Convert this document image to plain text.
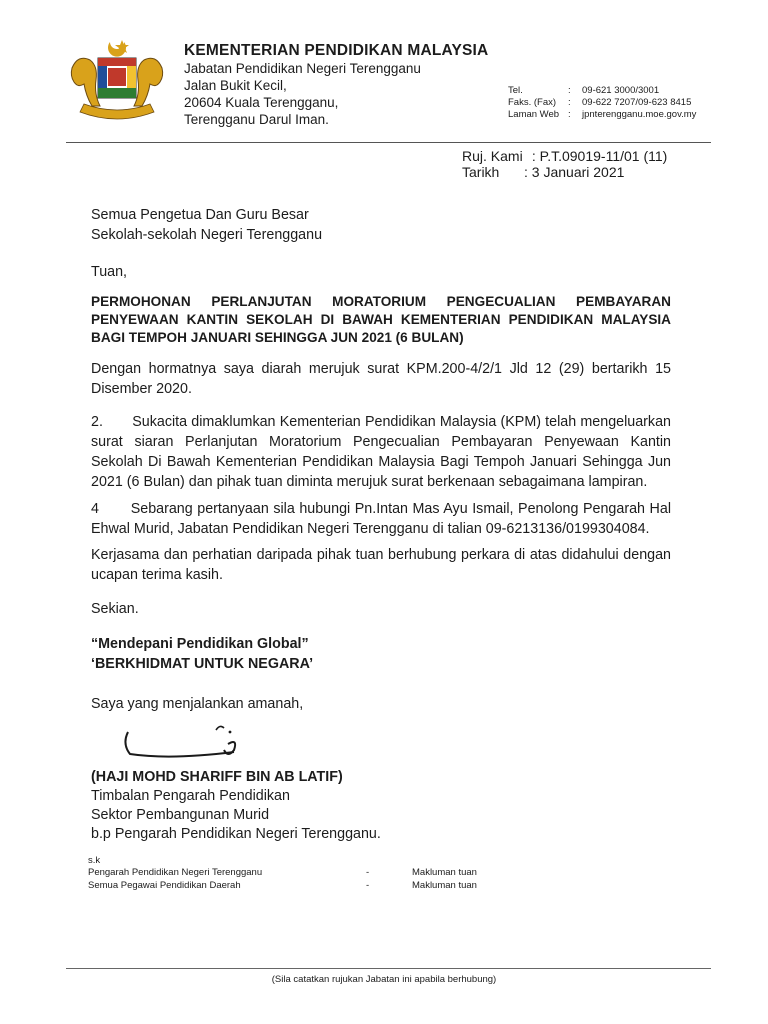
KEMENTERIAN PENDIDIKAN MALAYSIA
Jabatan Pendidikan Negeri Terengganu
Jalan Bukit Kecil,
20604 Kuala Terengganu,
Terengganu Darul Iman.
Tel.	:	09-621 3000/3001
Faks. (Fax)	:	09-622 7207/09-623 8415
Laman Web :	jpnterengganu.moe.gov.my
Ruj. Kami : P.T.09019-11/01 (11)
Tarikh : 3 Januari 2021
Semua Pengetua Dan Guru Besar
Sekolah-sekolah Negeri Terengganu
Tuan,
PERMOHONAN PERLANJUTAN MORATORIUM PENGECUALIAN PEMBAYARAN PENYEWAAN KANTIN SEKOLAH DI BAWAH KEMENTERIAN PENDIDIKAN MALAYSIA BAGI TEMPOH JANUARI SEHINGGA JUN 2021 (6 BULAN)
Dengan hormatnya saya diarah merujuk surat KPM.200-4/2/1 Jld 12 (29) bertarikh 15 Disember 2020.
2.       Sukacita dimaklumkan Kementerian Pendidikan Malaysia (KPM) telah mengeluarkan surat siaran Perlanjutan Moratorium Pengecualian Pembayaran Penyewaan Kantin Sekolah Di Bawah Kementerian Pendidikan Malaysia Bagi Tempoh Januari Sehingga Jun 2021 (6 Bulan) dan pihak tuan diminta merujuk surat berkenaan sebagaimana lampiran.
4       Sebarang pertanyaan sila hubungi Pn.Intan Mas Ayu Ismail, Penolong Pengarah Hal Ehwal Murid, Jabatan Pendidikan Negeri Terengganu di talian 09-6213136/0199304084.
Kerjasama dan perhatian daripada pihak tuan berhubung perkara di atas didahului dengan ucapan terima kasih.
Sekian.
“Mendepani Pendidikan Global”
‘BERKHIDMAT UNTUK NEGARA’
Saya yang menjalankan amanah,
(HAJI MOHD SHARIFF BIN AB LATIF)
Timbalan Pengarah Pendidikan
Sektor Pembangunan Murid
b.p Pengarah Pendidikan Negeri Terengganu.
s.k
Pengarah Pendidikan Negeri Terengganu	-	Makluman tuan
Semua Pegawai Pendidikan Daerah	-	Makluman tuan
(Sila catatkan rujukan Jabatan ini apabila berhubung)
